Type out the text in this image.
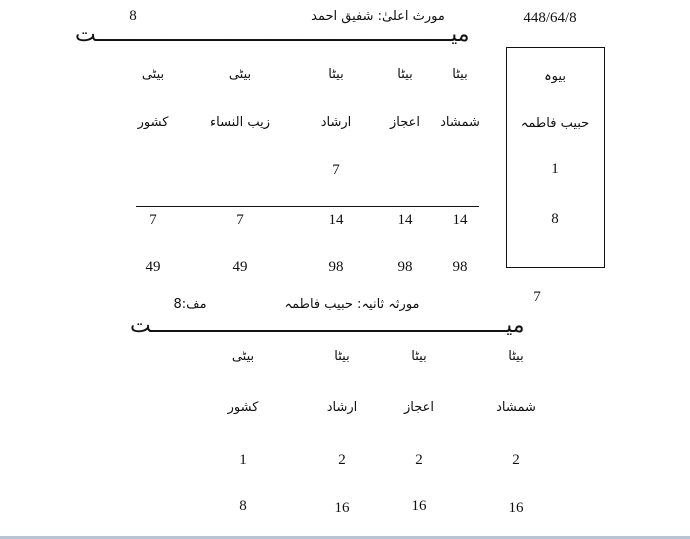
8	مورث اعلیٰ: شفیق احمد	448/64/8
میـــــــــــــــــــــــــــــــــــــــــــــــــــــــت
بیوہ
حبیب فاطمہ
1
8
بیٹا
بیٹا
بیٹا
بیٹی
بیٹی
شمشاد
اعجاز
ارشاد
زیب النساء
کشور
7
14
14
14
7
7
98
98
98
49
49
7
مورثہ ثانیہ: حبیب فاطمہ
مف:8
میـــــــــــــــــــــــــــــــــــــــــــــــــــــــت
بیٹا
بیٹا
بیٹا
بیٹی
شمشاد
اعجاز
ارشاد
کشور
2
2
2
1
16
16
16
8
